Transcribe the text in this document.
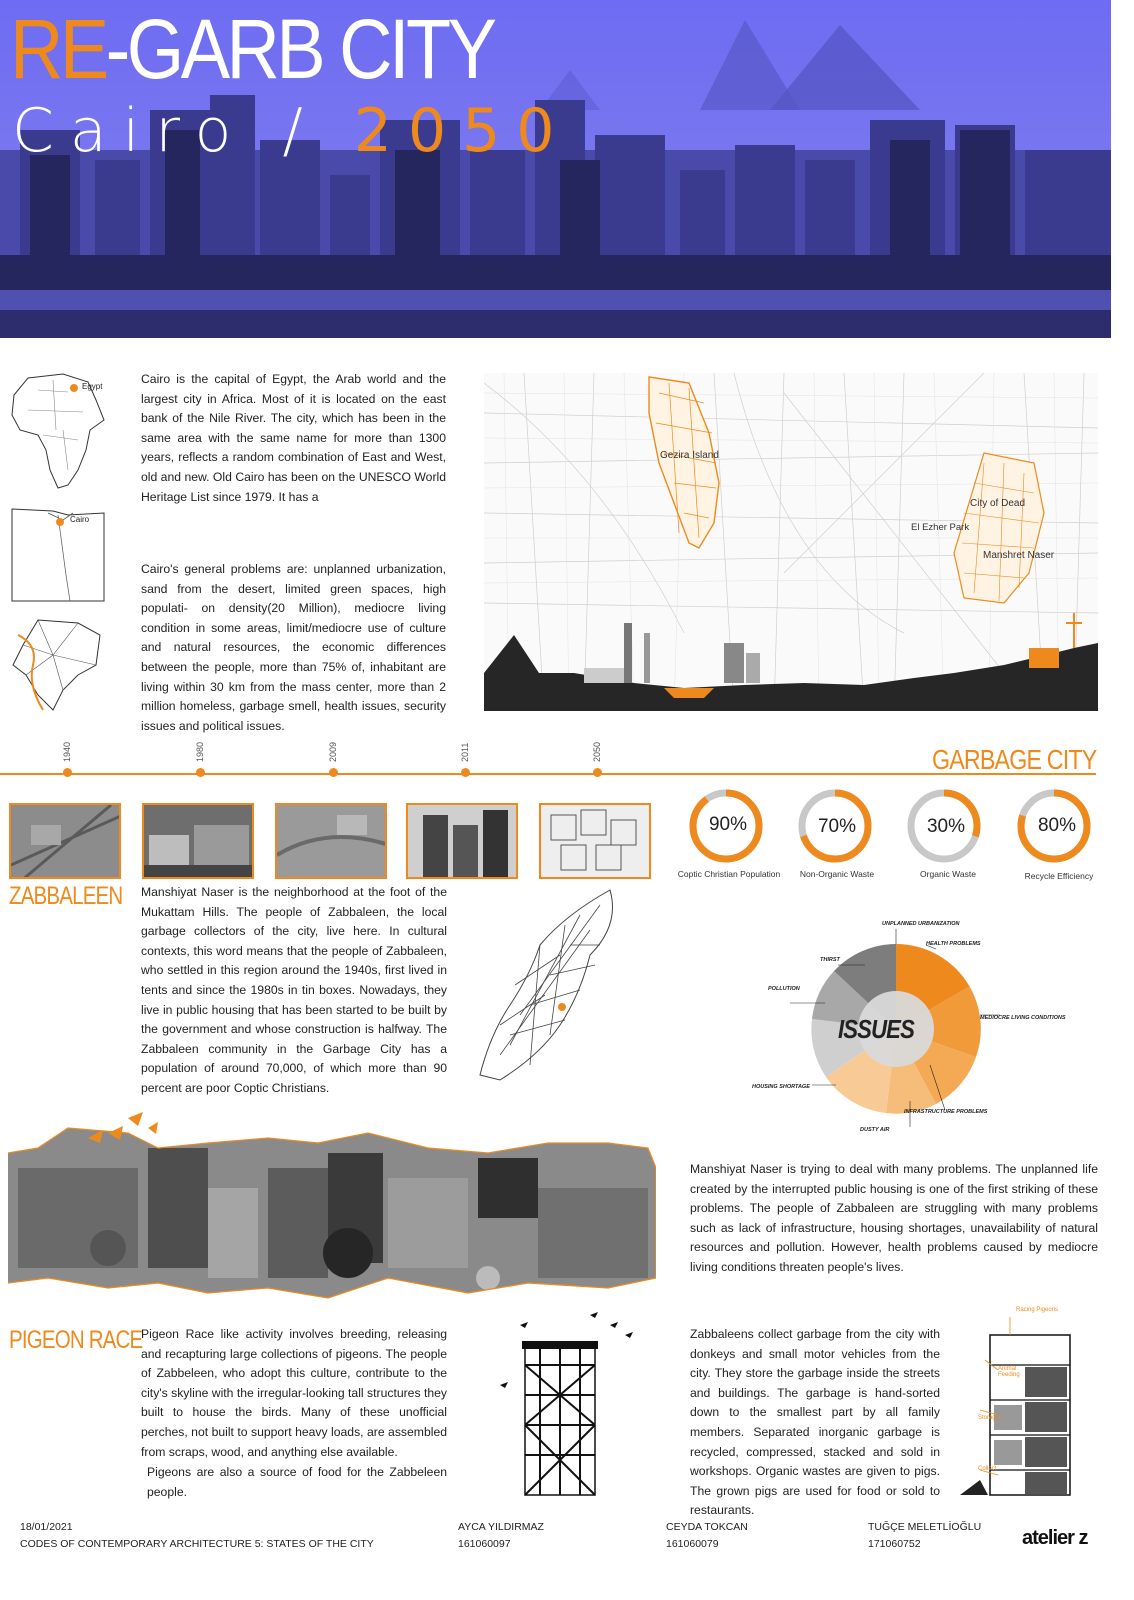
RE-GARB CITY
Cairo / 2050
Egypt
Cairo
Cairo is the capital of Egypt, the Arab world and the largest city in Africa. Most of it is located on the east bank of the Nile River. The city, which has been in the same area with the same name for more than 1300 years, reflects a random combination of East and West, old and new. Old Cairo has been on the UNESCO World Heritage List since 1979. It has a
Cairo's general problems are: unplanned urbanization, sand from the desert, limited green spaces, high populati- on density(20 Million), mediocre living condition in some areas, limit/mediocre use of culture and natural resources, the economic differences between the people, more than 75% of, inhabitant are living within 30 km from the mass center, more than 2 million homeless, garbage smell, health issues, security issues and political issues.
Gezira Island
City of Dead
El Ezher Park
Manshret Naser
1940	1980	2009	2011	2050	GARBAGE CITY
90%	70%	30%	80%
Coptic Christian Population	Non-Organic Waste	Organic Waste	Recycle Efficiency
ZABBALEEN Manshiyat Naser is the neighborhood at the foot of the Mukattam Hills. The people of Zabbaleen, the local garbage collectors of the city, live here. In cultural contexts, this word means that the people of Zabbaleen, who settled in this region around the 1940s, first lived in tents and since the 1980s in tin boxes. Nowadays, they live in public housing that has been started to be built by the government and whose construction is halfway. The Zabbaleen community in the Garbage City has a population of around 70,000, of which more than 90 percent are poor Coptic Christians.
ISSUES
UNPLANNED URBANIZATION
HEALTH PROBLEMS
THIRST
POLLUTION
MEDIOCRE LIVING CONDITIONS
HOUSING SHORTAGE
INFRASTRUCTURE PROBLEMS
DUSTY AIR
Manshiyat Naser is trying to deal with many problems. The unplanned life created by the interrupted public housing is one of the first striking of these problems. The people of Zabbaleen are struggling with many problems such as lack of infrastructure, housing shortages, unavailability of natural resources and pollution. However, health problems caused by mediocre living conditions threaten people's lives.
PIGEON RACE
Pigeon Race like activity involves breeding, releasing and recapturing large collections of pigeons. The people of Zabbeleen, who adopt this culture, contribute to the city's skyline with the irregular-looking tall structures they built to house the birds. Many of these unofficial perches, not built to support heavy loads, are assembled from scraps, wood, and anything else available.
Pigeons are also a source of food for the Zabbeleen people.
Zabbaleens collect garbage from the city with donkeys and small motor vehicles from the city. They store the garbage inside the streets and buildings. The garbage is hand-sorted down to the smallest part by all family members. Separated inorganic garbage is recycled, compressed, stacked and sold in workshops. Organic wastes are given to pigs. The grown pigs are used for food or sold to restaurants.
Racing Pigeons
Animal Feeding
Storage
Collect
18/01/2021
CODES OF CONTEMPORARY ARCHITECTURE 5: STATES OF THE CITY
AYCA YILDIRMAZ
161060097
CEYDA TOKCAN
161060079
TUĞÇE MELETLİOĞLU
171060752	atelier z
